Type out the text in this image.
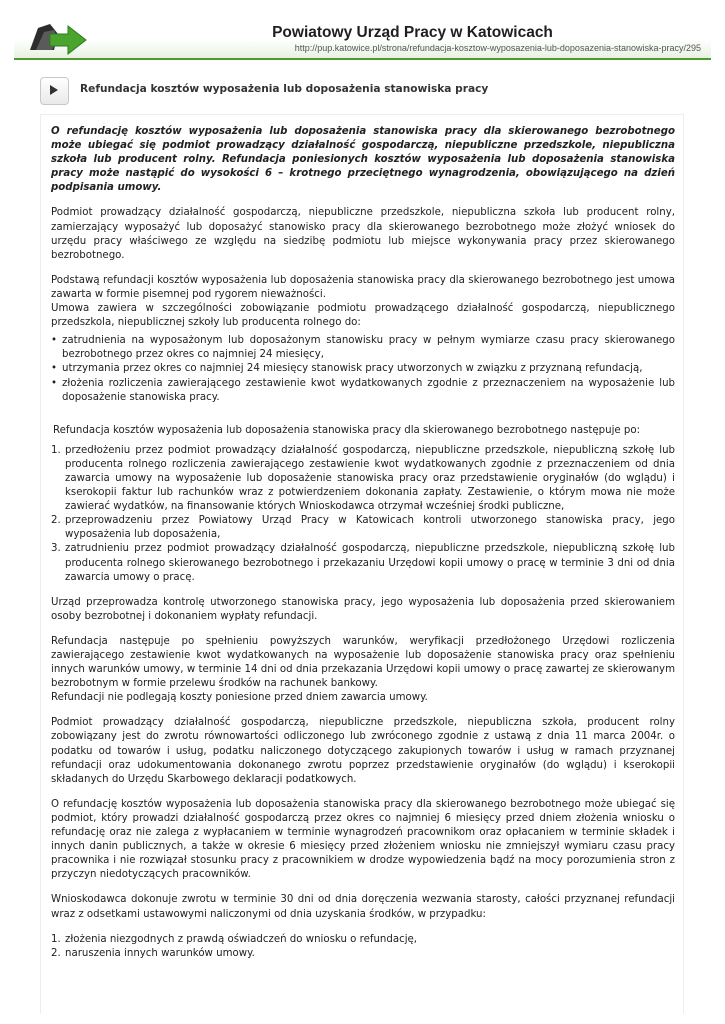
Powiatowy Urząd Pracy w Katowicach
http://pup.katowice.pl/strona/refundacja-kosztow-wyposazenia-lub-doposazenia-stanowiska-pracy/295
Refundacja kosztów wyposażenia lub doposażenia stanowiska pracy

O refundację kosztów wyposażenia lub doposażenia stanowiska pracy dla skierowanego bezrobotnego może ubiegać się podmiot prowadzący działalność gospodarczą, niepubliczne przedszkole, niepubliczna szkoła lub producent rolny. Refundacja poniesionych kosztów wyposażenia lub doposażenia stanowiska pracy może nastąpić do wysokości 6 – krotnego przeciętnego wynagrodzenia, obowiązującego na dzień podpisania umowy.

Podmiot prowadzący działalność gospodarczą, niepubliczne przedszkole, niepubliczna szkoła lub producent rolny, zamierzający wyposażyć lub doposażyć stanowisko pracy dla skierowanego bezrobotnego może złożyć wniosek do urzędu pracy właściwego ze względu na siedzibę podmiotu lub miejsce wykonywania pracy przez skierowanego bezrobotnego.

Podstawą refundacji kosztów wyposażenia lub doposażenia stanowiska pracy dla skierowanego bezrobotnego jest umowa zawarta w formie pisemnej pod rygorem nieważności.

Umowa zawiera w szczególności zobowiązanie podmiotu prowadzącego działalność gospodarczą, niepublicznego przedszkola, niepublicznej szkoły lub producenta rolnego do:

• zatrudnienia na wyposażonym lub doposażonym stanowisku pracy w pełnym wymiarze czasu pracy skierowanego bezrobotnego przez okres co najmniej 24 miesięcy,
• utrzymania przez okres co najmniej 24 miesięcy stanowisk pracy utworzonych w związku z przyznaną refundacją,
• złożenia rozliczenia zawierającego zestawienie kwot wydatkowanych zgodnie z przeznaczeniem na wyposażenie lub doposażenie stanowiska pracy.

Refundacja kosztów wyposażenia lub doposażenia stanowiska pracy dla skierowanego bezrobotnego następuje po:

1. przedłożeniu przez podmiot prowadzący działalność gospodarczą, niepubliczne przedszkole, niepubliczną szkołę lub producenta rolnego rozliczenia zawierającego zestawienie kwot wydatkowanych zgodnie z przeznaczeniem od dnia zawarcia umowy na wyposażenie lub doposażenie stanowiska pracy oraz przedstawienie oryginałów (do wglądu) i kserokopii faktur lub rachunków wraz z potwierdzeniem dokonania zapłaty. Zestawienie, o którym mowa nie może zawierać wydatków, na finansowanie których Wnioskodawca otrzymał wcześniej środki publiczne,
2. przeprowadzeniu przez Powiatowy Urząd Pracy w Katowicach kontroli utworzonego stanowiska pracy, jego wyposażenia lub doposażenia,
3. zatrudnieniu przez podmiot prowadzący działalność gospodarczą, niepubliczne przedszkole, niepubliczną szkołę lub producenta rolnego skierowanego bezrobotnego i przekazaniu Urzędowi kopii umowy o pracę w terminie 3 dni od dnia zawarcia umowy o pracę.

Urząd przeprowadza kontrolę utworzonego stanowiska pracy, jego wyposażenia lub doposażenia przed skierowaniem osoby bezrobotnej i dokonaniem wypłaty refundacji.

Refundacja następuje po spełnieniu powyższych warunków, weryfikacji przedłożonego Urzędowi rozliczenia zawierającego zestawienie kwot wydatkowanych na wyposażenie lub doposażenie stanowiska pracy oraz spełnieniu innych warunków umowy, w terminie 14 dni od dnia przekazania Urzędowi kopii umowy o pracę zawartej ze skierowanym bezrobotnym w formie przelewu środków na rachunek bankowy.

Refundacji nie podlegają koszty poniesione przed dniem zawarcia umowy.

Podmiot prowadzący działalność gospodarczą, niepubliczne przedszkole, niepubliczna szkoła, producent rolny zobowiązany jest do zwrotu równowartości odliczonego lub zwróconego zgodnie z ustawą z dnia 11 marca 2004r. o podatku od towarów i usług, podatku naliczonego dotyczącego zakupionych towarów i usług w ramach przyznanej refundacji oraz udokumentowania dokonanego zwrotu poprzez przedstawienie oryginałów (do wglądu) i kserokopii składanych do Urzędu Skarbowego deklaracji podatkowych.

O refundację kosztów wyposażenia lub doposażenia stanowiska pracy dla skierowanego bezrobotnego może ubiegać się podmiot, który prowadzi działalność gospodarczą przez okres co najmniej 6 miesięcy przed dniem złożenia wniosku o refundację oraz nie zalega z wypłacaniem w terminie wynagrodzeń pracownikom oraz opłacaniem w terminie składek i innych danin publicznych, a także w okresie 6 miesięcy przed złożeniem wniosku nie zmniejszył wymiaru czasu pracy pracownika i nie rozwiązał stosunku pracy z pracownikiem w drodze wypowiedzenia bądź na mocy porozumienia stron z przyczyn niedotyczących pracowników.

Wnioskodawca dokonuje zwrotu w terminie 30 dni od dnia doręczenia wezwania starosty, całości przyznanej refundacji wraz z odsetkami ustawowymi naliczonymi od dnia uzyskania środków, w przypadku:

1. złożenia niezgodnych z prawdą oświadczeń do wniosku o refundację,
2. naruszenia innych warunków umowy.
